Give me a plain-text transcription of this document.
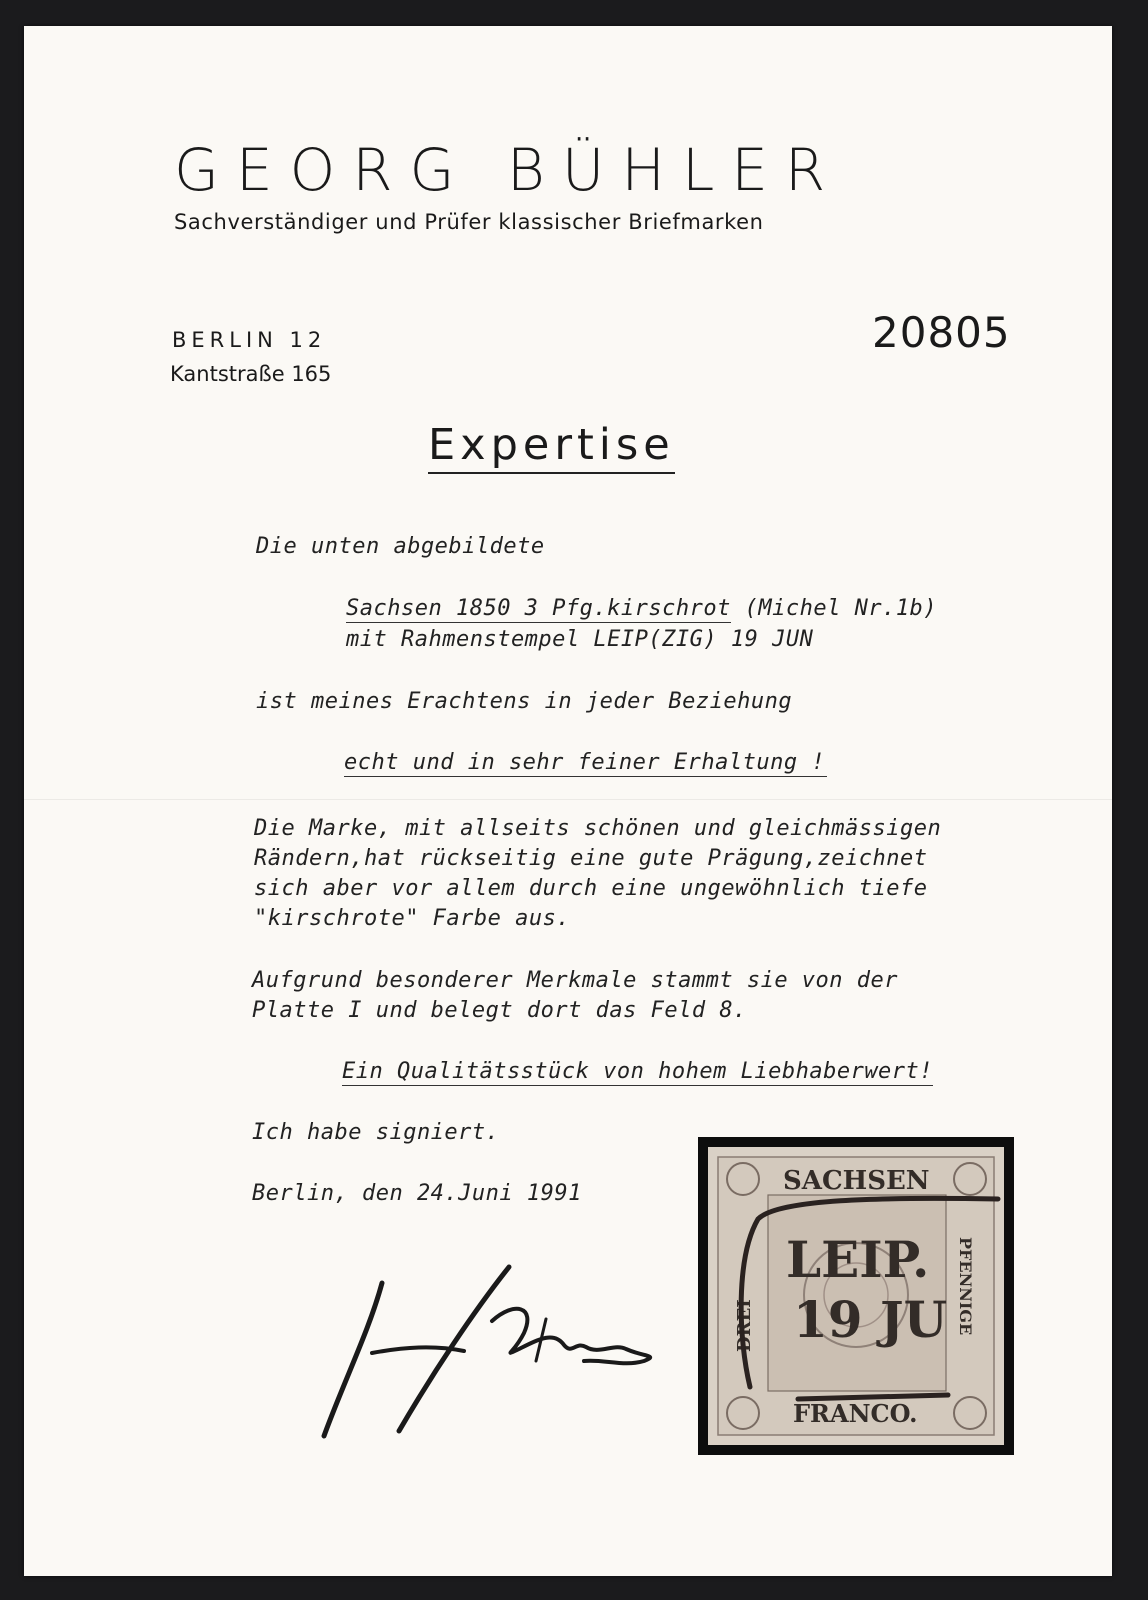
GEORG BÜHLER
Sachverständiger und Prüfer klassischer Briefmarken
BERLIN 12
Kantstraße 165
20805
Expertise
Die unten abgebildete
Sachsen 1850 3 Pfg.kirschrot (Michel Nr.1b)
mit Rahmenstempel LEIP(ZIG) 19 JUN
ist meines Erachtens in jeder Beziehung
echt und in sehr feiner Erhaltung !
Die Marke, mit allseits schönen und gleichmässigen
Rändern,hat rückseitig eine gute Prägung,zeichnet
sich aber vor allem durch eine ungewöhnlich tiefe
"kirschrote" Farbe aus.
Aufgrund besonderer Merkmale stammt sie von der
Platte I und belegt dort das Feld 8.
Ein Qualitätsstück von hohem Liebhaberwert!
Ich habe signiert.
Berlin, den 24.Juni 1991	SACHSEN
FRANCO.
DREI	PFENNIGE
LEIP.
19 JU
